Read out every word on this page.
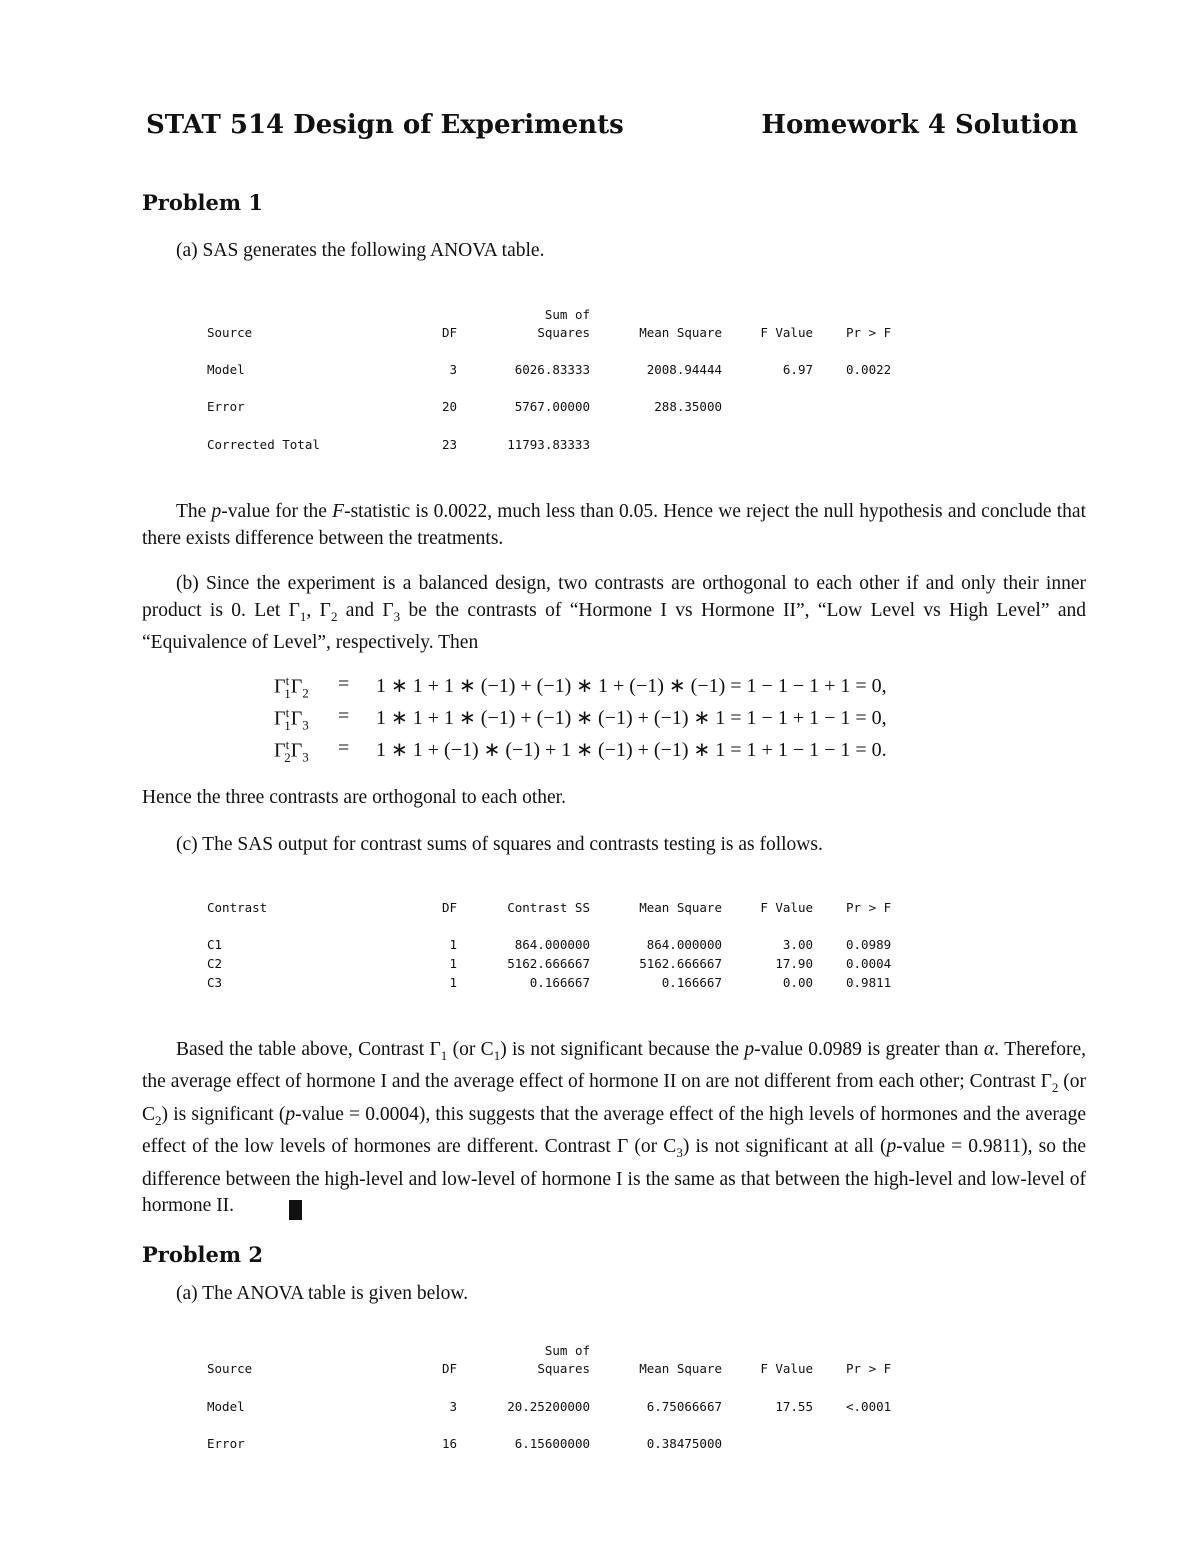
STAT 514 Design of Experiments	Homework 4 Solution
Problem 1
(a) SAS generates the following ANOVA table.
Sum of
Source	DF	Squares	Mean Square	F Value	Pr > F
Model	3	6026.83333	2008.94444	6.97	0.0022
Error	20	5767.00000	288.35000
Corrected Total	23	11793.83333
The p-value for the F-statistic is 0.0022, much less than 0.05. Hence we reject the null hypothesis and conclude that there exists difference between the treatments.
(b) Since the experiment is a balanced design, two contrasts are orthogonal to each other if and only their inner product is 0. Let $\Gamma_1$, $\Gamma_2$ and $\Gamma_3$ be the contrasts of “Hormone I vs Hormone II”, “Low Level vs High Level” and “Equivalence of Level”, respectively. Then
$\Gamma^t_1\Gamma_2 = 1$ ∗ 1 + 1 ∗ (−1) + (−1) ∗ 1 + (−1) ∗ (−1) = 1 − 1 − 1 + 1 = 0,
$\Gamma^t_1\Gamma_3 = 1$ ∗ 1 + 1 ∗ (−1) + (−1) ∗ (−1) + (−1) ∗ 1 = 1 − 1 + 1 − 1 = 0,
$\Gamma^t_2\Gamma_3 = 1$ ∗ 1 + (−1) ∗ (−1) + 1 ∗ (−1) + (−1) ∗ 1 = 1 + 1 − 1 − 1 = 0.
Hence the three contrasts are orthogonal to each other.
(c) The SAS output for contrast sums of squares and contrasts testing is as follows.
Contrast	DF	Contrast SS	Mean Square	F Value	Pr > F
C1	1	864.000000	864.000000	3.00	0.0989
C2	1	5162.666667	5162.666667	17.90	0.0004
C3	1	0.166667	0.166667	0.00	0.9811
Based the table above, Contrast $\Gamma_1$ (or $C_1$) is not significant because the p-value 0.0989 is greater than α. Therefore, the average effect of hormone I and the average effect of hormone II on are not different from each other; Contrast $\Gamma_2$ (or $C_2$) is significant (p-value = 0.0004), this suggests that the average effect of the high levels of hormones and the average effect of the low levels of hormones are different. Contrast Γ (or $C_3$) is not significant at all (p-value = 0.9811), so the difference between the high-level and low-level of hormone I is the same as that between the high-level and low-level of hormone II.
Problem 2
(a) The ANOVA table is given below.
Sum of
Source	DF	Squares	Mean Square	F Value	Pr > F
Model	3	20.25200000	6.75066667	17.55	<.0001
Error	16	6.15600000	0.38475000
